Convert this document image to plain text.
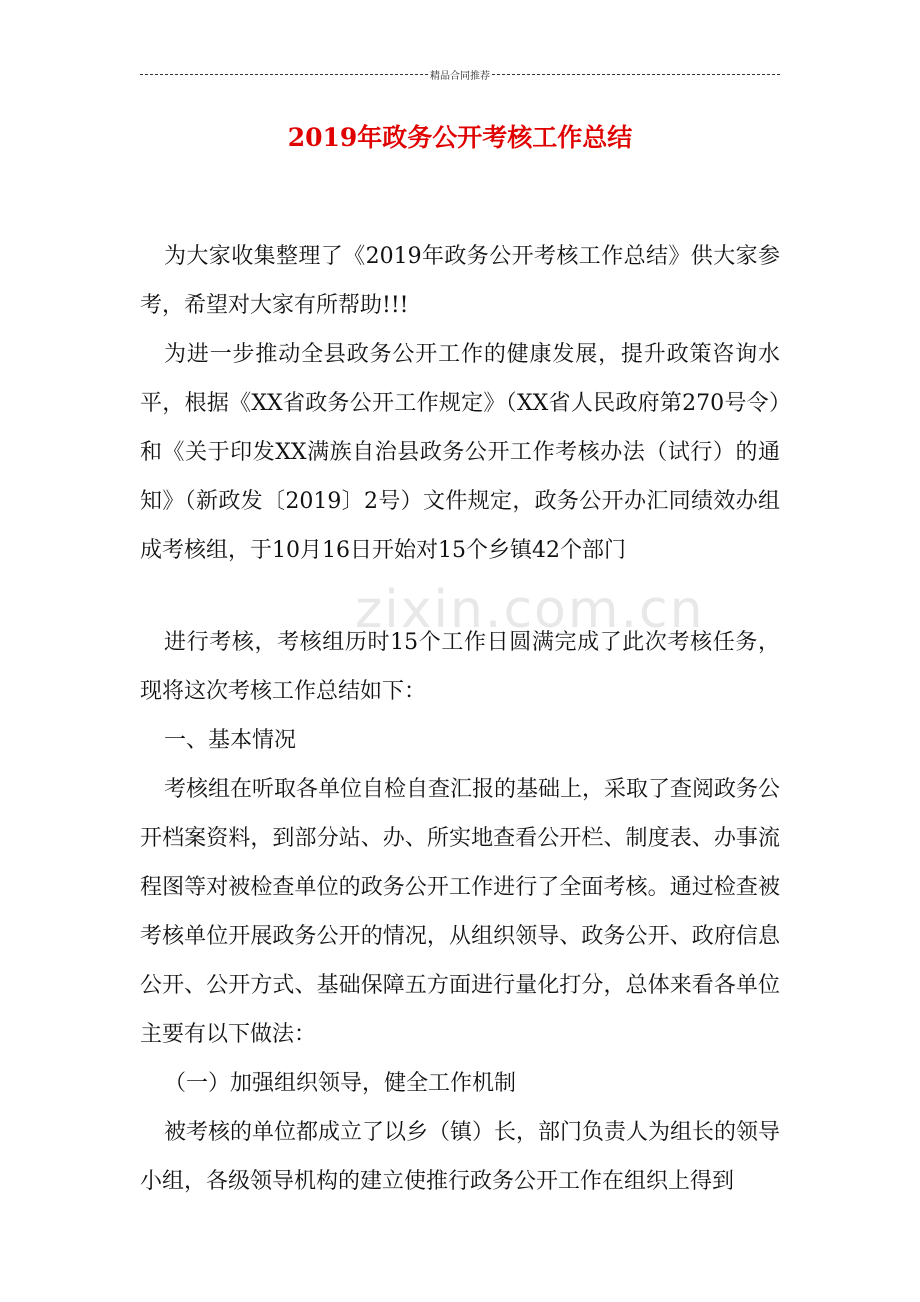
精品合同推荐
2019年政务公开考核工作总结
zixin.com.cn

为大家收集整理了《2019年政务公开考核工作总结》供大家参考，希望对大家有所帮助!!!

为进一步推动全县政务公开工作的健康发展，提升政策咨询水平，根据《XX省政务公开工作规定》（XX省人民政府第270号令）和《关于印发XX满族自治县政务公开工作考核办法（试行）的通知》（新政发〔2019〕2号）文件规定，政务公开办汇同绩效办组成考核组，于10月16日开始对15个乡镇42个部门

进行考核，考核组历时15个工作日圆满完成了此次考核任务，现将这次考核工作总结如下：

一、基本情况

考核组在听取各单位自检自查汇报的基础上，采取了查阅政务公开档案资料，到部分站、办、所实地查看公开栏、制度表、办事流程图等对被检查单位的政务公开工作进行了全面考核。通过检查被考核单位开展政务公开的情况，从组织领导、政务公开、政府信息公开、公开方式、基础保障五方面进行量化打分，总体来看各单位主要有以下做法：

（一）加强组织领导，健全工作机制

被考核的单位都成立了以乡（镇）长，部门负责人为组长的领导小组，各级领导机构的建立使推行政务公开工作在组织上得到
